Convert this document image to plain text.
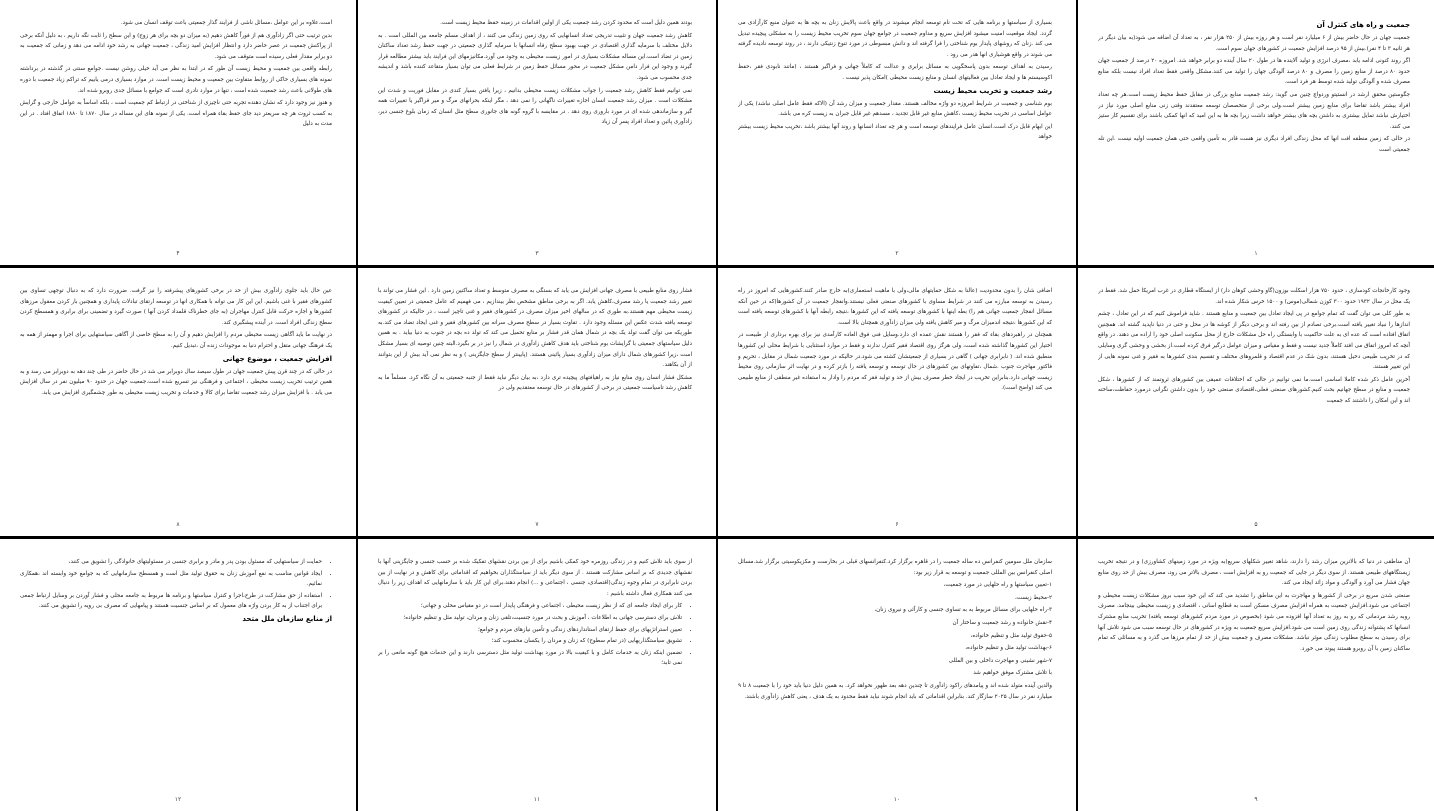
است.علاوه بر این عوامل ،مسائل ناشی از فرایند گذار جمعیتی باعث توقف انسان می شود.

بدین ترتیب حتی اگر زادآوری هم از فوراً کاهش دهیم (به میزان دو بچه برای هر زوج) و این سطح را ثابت نگه داریم ، به دلیل آنکه برخی از پراکنش جمعیت در عصر حاضر دارد و انتظار افزایش امید زندگی ، جمعیت جهانی به رشد خود ادامه می دهد و زمانی که جمعیت به دو برابر مقدار فعلی رسیده است متوقف می شود.

رابطه واقعی بین جمعیت و محیط زیست آن طور که در ابتدا به نظر می آید خیلی روشن نیست .جوامع سنتی در گذشته در برداشته نمونه های بسیاری حاکی از روابط متفاوت بین جمعیت و محیط زیست است. در موارد بسیاری درمی یابیم که تراکم زیاد جمعیت با دوره های طولانی باعث رشد جمعیت شده است ، تنها در موارد نادری است که جوامع با مسائل جدی روبرو شده اند.

و هنوز نیز وجود دارد که نشان دهنده تجربه حتی ناچیزی از شناختی در ارتباط کم جمعیت است ، بلکه اساساً به عوامل خارجی و گرایش به کسب ثروت هر چه سریعتر دید جای حفظ بقاء همراه است. یکی از نمونه های این مساله در سال ۱۸۷۰ تا ۱۸۸۰ اتفاق افتاد . در این مدت به دلیل

۴

بودند همین دلیل است که محدود کردن رشد جمعیت یکی از اولین اقدامات در زمینه حفظ محیط زیست است.

کاهش رشد جمعیت جهان و تثبیت تدریجی تعداد انسانهایی که روی زمین زندگی می کنند ، از اهداف مسلم جامعه بین المللی است . به دلایل مختلف با سرمایه گذاری اقتصادی در جهت بهبود سطح رفاه انسانها با سرمایه گذاری جمعیتی در جهت حفظ رشد تعداد ساکنان زمین در تضاد است.این مساله مشکلات بسیاری در امور زیست محیطی به وجود می آورد.مکانیزمهای این فرایند باید بیشتر مطالعه قرار گیرند و وجود این فرار دامن مشکل جمعیت در محور مسائل حفظ زمین در شرایط فعلی می توان بسیار متقاعد کننده باشد و اندیشه جدی محسوب می شود.

نمی توانیم فقط کاهش رشد جمعیت را جواب مشکلات زیست محیطی بدانیم ، زیرا یافتن بسیار کندی در مقابل فوریت و شدت این مشکلات است . میزان رشد جمعیت انسان اجازه تغییرات ناگهانی را نمی دهد ، مگر اینکه بحرانهای مرگ و میر فراگیر یا تغییرات همه گیر و سازماندهی شده ای در مورد باروری روی دهد . در مقایسه با گروه گونه های جانوری سطح مثل انسان که زمان بلوغ جنسی دیر، زادآوری پائین و تعداد افراد پسر آن زیاد

۳

بسیاری از سیاستها و برنامه هایی که تحت نام توسعه انجام میشوند در واقع باعث پالایش زنان به بچه ها به عنوان منبع کارآزادی می گردد. ایجاد موقعیت امنیت میشود افزایش سریع و مداوم جمعیت در جوامع جهان سوم تخریب محیط زیست را به مشکلی پیچیده تبدیل می کند .زنان که روشهای پایدار بوم شناختی را فرا گرفته اند و دانش مبسوطی در مورد تنوع زنتیکی دارند ، در روند توسعه نادیده گرفته می شوند در واقع هوشیاری انها هدر می رود .

رسیدن به اهداف توسعه بدون پاسخگویی به مسائل برابری و عدالت که کاملاً جهانی و فراگیر هستند ، (مانند نابودی فقر ،حفظ اکوسیستم ها و ایجاد تعادل بین فعالیتهای انسان و منابع زیست محیطی )امکان پذیر نیست .

رشد جمعیت و تخریب محیط زیست

بوم شناسی و جمعیت در شرایط امروزه دو واژه مخالف هستند. مقدار جمعیت و میزان رشد آن (الاکه فقط عامل اصلی نباشد) یکی از عوامل اساسی در تخریب محیط زیست ،کاهش منابع غیر قابل تجدید ، مسدهم غیر قابل جبران به زیست کره می باشد.

این ابهام قابل درک است.انسان عامل فرایندهای توسعه است و هر چه تعداد انسانها و روند آنها بیشتر باشد ،تخریب محیط زیست بیشتر خواهد

۲
جمعیت و راه های کنترل آن

جمعیت جهان در حال حاضر بیش از ۶ میلیارد نفر است و هر روزه بیش از ۲۵۰ هزار نفر ، به تعداد آن اضافه می شود(به بیان دیگر در هر ثانیه ۳ تا ۴ نفر).بیش از ۹۵ درصد افزایش جمعیت در کشورهای جهان سوم است.

اگر روند کنونی ادامه یابد ،مصرف انرژی و تولید آلاینده ها در طول ۲۰ سال آینده دو برابر خواهد شد. امروزه ۲۰ درصد از جمعیت جهان حدود ۸۰ درصد از منابع زمین را مصرف و ۸۰ درصد آلودگی جهان را تولید می کنند.مشکل واقعی فقط تعداد افراد نیست بلکه منابع مصرف شده و آلودگی تولید شده توسط هر فرد است.

جگوستین محقق ارشد در انستیتو وردواچ چنین می گوید: رشد جمعیت منابع بزرگی در مقابل حفظ محیط زیست است.هر چه تعداد افراد بیشتر باشد تقاضا برای منابع زمین بیشتر است.ولی برخی از متخصصان توسعه معتقدند وقتی زنی منابع اصلی مورد نیاز در اختیارش نباشد تمایل بیشتری به داشتن بچه های بیشتر خواهد داشت زیرا بچه ها به این امید که انها کمکی باشند برای تقسیم کار ستیز می کنند.

در حالی که زمین منطقه افت انها که محل زندگی افراد دیگری نیز هست قادر به تأمین واقعی حتی همان جمعیت اولیه نیست .این تله جمعیتی است

۱

عین حال باید جلوی زادآوری بیش از حد در برخی کشورهای پیشرفته را نیز گرفت. ضرورت دارد که به دنبال توجهی تساوی بین کشورهای فقیر با غنی باشیم. این این کار می توانه با همکاری انها در توسعه ارتقای تبادلات پایداری و همچنین بار کردن معقول مرزهای کشورها و اجازه حرکت قابل کنترل مهاجران (به جای خطرناک قلمداد کردن آنها ) صورت گیرد و تضمینی برای برابری و همسطح کردن سطح زندگی افراد است. در آینده پیشگیری کند.

در نهایت ما باید آگاهی زیست محیطی مردم را افزایش دهیم و آن را به سطح خاصی از آگاهی سیاستهایی برای اجرا و مهمتر از همه به یک فرهنگ جهانی متقل و احترام دنیا به موجودات زنده آن ،تبدیل کنیم.

افزایش جمعیت ، موضوع جهانی

در حالی که در چند قرن پیش جمعیت جهان در طول سیصد سال دوبرابر می شد در حال حاضر در طی چند دهه به دوبرابر می رسد و به همین ترتیب تخریب زیست محیطی ، اجتماعی و فرهنگی نیز تسریع شده است.جمعیت جهان در حدود ۹۰ میلیون نفر در سال افزایش می یابد . با افزایش میزان رشد جمعیت تقاضا برای کالا و خدمات و تخریب زیست محیطی به طور چشمگیری افزایش می یابد.

۸

فشار روی منابع طبیعی با مصرف جهانی افزایش می یابد که بستگی به مصرف متوسط و تعداد ساکنین زمین دارد . این فشار می تواند با تغییر رشد جمعیت یا رشد مصرف،کاهش یابد. اگر به برخی مناطق مشخص نظر بیندازیم ، می فهمیم که عامل جمعیتی در تعیین کیفیت زیست محیطی مهم هستند.به طوری که در سالهای اخیر میزان مصرف در کشورهای فقیر و غنی تاچیز است ، در حالیکه در کشورهای توسعه یافته شدت عکس این مسئله وجود دارد . تفاوت بسیار در سطح مصرف سرانه بین کشورهای فقیر و غنی ایجاد تضاد می کند.به طوریکه می توان گفت تولد یک بچه در شمال همان قدر فشار بر منابع تحمیل می کند که تولد ده بچه در جنوب به دنیا بیاید . به همین دلیل سیاستهای جمعیتی با گرایشات بوم شناختی باید هدف کاهش زادآوری در شمال را نیز در بر بگیرد.البته چنین توصیه ای بسیار مشکل است ،زیرا کشورهای شمال دارای میزان زادآوری بسیار پائینی هستند. (پایینتر از سطح جایگزینی ) و به نظر نمی آید بیش از این بتوانند از آن بکاهند.

مشکل فشار انسان روی منابع نیاز به راهیافتهای پیچیده تری دارد ،به بیان دیگر نباید فقط از جنبه جمعیتی به آن نگاه کرد. مسلماً ما به کاهش رشد تاسیاست جمعیتی در برخی از کشورهای در حال توسعه معتقدیم ولی در

۷

اضافی شان را بدون محدودیت (عالنا به شکل حمایتهای مالی،ولی با ماهیت استعماری)به خارج صادر کنند.کشورهایی که امروز در راه رسیدن به توسعه مبارزه می کنند در شرایط مساوی با کشورهای صنعتی فعلی نیستند.وانفجار جمعیت در آن کشورها(که در حین آنکه مسائل انفجار جمعیت جهانی هم را) بطه اینها با کشورهای توسعه یافته که این کشورها ،نتیجه رابطه آنها با کشورهای توسعه یافته است که این کشورها ،نتیجه اندمیزان مرگ و میر کاهش یافته ولی میزان زادآوری همچنان بالا است.

همچنان در راهبردهای بقاء که فقر را هستند نقش عمده ای دارد.وسایل فنی فوق العاده کارآمدی نیز برای بهره برداری از طبیعت در اختیار این کشورها گذاشته شده است، ولی هرگز روی اقتصاد فقیر کنترل ندارند و فقط در موارد استثنایی با شرایط محلی این کشورها منطبق شده اند. ( نابرابری جهانی ) گاهی در بسیاری از جمعیتشان کشته می شود.در حالیکه در مورد جمعیت شمال در مقابل ، تحریم و فاکتور مهاجرت جنوب .شمال ،تفاوتهای بین کشورهای در حال توسعه و توسعه یافته را بازتر کرده و در نهایت اثر سازمانی روی محیط زیست جهانی دارد.بنابراین تخریب در ایجاد خطر مصرف بیش از حد و تولید فقر که مردم را وادار به استفاده غیر منطقی از منابع طبیعی می کند (واضح است).

۶

وجود کارخانجات کودسازی ، حدود ۷۵۰ هزار اسکلت بوزون(گاو وحشی کوهان دار) از ایستگاه قطاری در غرب امریکا حمل شد. فقط در یک محل در سال ۱۹۳۲ حدود ۳۰۰ کوزن شمالی(موس) و ۱۵۰۰ خرس شکار شده اند.

به طور کلی می توان گفت که تمام جوامع در پی ایجاد تعادل بین جمعیت و منابع هستند . شاید فراموش کنیم که در این تعادل ، چشم اندازها را نبیاد تغییر یافته است.برخی تصادم از بین رفته اند و برخی دیگر از کوشه ها در محل و حتی در دنیا ناپدید گشته اند. همچنین اتفاق افتاده است که عده ای به علت حاکمیت با وابستگی راه حل مشکلات خارج از محل سکونت اصلی خود را اراده می دهند. در واقع آنچه که امروز اتفاق می افتد کاملاً جدید نیست و فقط و مقیاس و میزان عوامل درگیر فرق کرده است.از بخشی و وحشی گری وسایلی که در تخریب طبیعی دخیل هستند، بدون شک در عدم اقتصاد و قلمروهای مختلف و تقسیم بندی کشورها به فقیر و غنی نمونه هایی از این تغییر هستند.

آخرین عامل ذکر شده کاملا اساسی است.ما نمی توانیم در حالی که اختلافات عمیقی بین کشورهای ثروتمند که از کشورها ، شکل جمعیت و منابع در سطح جهانیم بحث کنیم.کشورهای صنعتی فعلی،اقتصادی صنعتی خود را بدون داشتن نگرانی درمورد حفاظت،ساخته اند و این امکان را داشتند که جمعیت

۵
• حمایت از سیاستهایی که مسئول بودن پدر و مادر و برابری جنسی در مسئولیتهای خانوادگی را تشویق می کنند،
• ایجاد قوانین مناسب به نفع آموزش زنان به حقوق تولید مثل است و همسطح سازمانهایی که به جوامع خود وابسته اند ،همکاری نمائیم.
• استفاده از حق مشارکت در طرح،اجرا و کنترل سیاستها و برنامه ها مربوط به جامعه محلی و فشار آوردن بر وسایل ارتباط جمعی برای اجتناب از به کار بردن واژه های معمول که بر اساس جنسیت هستند و پیامهایی که مصرف بی رویه را تشویق می کنند.
از منابع سازمان ملل متحد
۱۲

از سوی باید تلاش کنیم و در زندگی روزمره خود کمکی باشیم برای از بین بردن نقشهای تفکیک شده بر حسب جنسی و جایگزینی آنها با نقشهای جدیدی که بر اساس مشارکت هستند . از سوی دیگر باید از سیاستگذاران بخواهیم که اقداماتی برای کاهش و در نهایت از بین بردن نابرابری در تمام وجوه زندگی(اقتصادی، جنسی ، اجتماعی و ...) انجام دهند.برای این کار باید با سازمانهایی که اهداف زیر را دنبال می کنند همکاری فعال داشته باشیم :

• کار برای ایجاد جامعه ای که از نظر زیست محیطی ، اجتماعی و فرهنگی پایدار است در دو مقیاس محلی و جهانی؛
• تلاش برای دسترسی جهانی به اطلاعات ، آموزش و بحث در مورد جنسیت،تلقی زنان و مردان، تولید مثل و تنظیم خانواده؛
• تعیین استراتژیهای برای حفظ ارتقای استانداردهای زندگی و تأمین نیازهای مردم و جوامع؛
• تشویق سیاستگذاریهایی (در تمام سطوح) که زنان و مردان را یکسان محسوب کند؛
• تضمین اینکه زنان به خدمات کامل و با کیفیت بالا در مورد بهداشت تولید مثل دسترسی دارند و این خدمات هیچ گونه مانعی را بر نمی تابد؛
۱۱

سازمان ملل سومین کنفرانس ده ساله جمعیت را در قاهره برگزار کرد.کنفرانسهای قبلی در بخارست و مکزیکوسیتی برگزار شد.مسائل اصلی کنفرانس بین المللی جمعیت و توسعه به قرار زیر بود:

۱-تعیین سیاستها و راه حلهایی در مورد جمعیت،

۲-محیط زیست،

۳-راه حلهایی برای مسائل مربوط به به تساوی جنسی و کارآئی و نیروی زنان،

۴-نقش خانواده و رشد جمعیت و ساختار آن

۵-حقوق تولید مثل و تنظیم خانواده،

۶-بهداشت تولید مثل و تنظیم خانواده،

۷-شهر نشینی و مهاجرت داخلی و بین المللی

با تلاش مشترک موفق خواهیم شد

والدین آینده متولد شده اند و پیامدهای راکود زادآوری تا چندین دهه بعد ظهور نخواهد کرد. به همین دلیل دنیا باید خود را با جمعیت ۸ تا ۹ میلیارد نفر در سال ۲۰۲۵ سازگار کند. بنابراین اقداماتی که باید انجام شوند نباید فقط محدود به یک هدف ، یعنی کاهش زادآوری باشند.

۱۰

آن مناطقی در دنیا که بالاترین میزان رشد را دارند، شاهد تغییر شکلهای سریع(به ویژه در مورد زمینهای کشاورزی) و در نتیجه تخریب زیستگاههای طبیعی هستند. از سوی دیگر در جایی که جمعیت رو به افزایش است ، مصرف بالاتر می رود، مصرف بیش از حد روی منابع جهان فشار می آورد و آلودگی و مواد زائد ایجاد می کند.

صنعتی شدن سریع در برخی از کشورها و مهاجرت به این مناطق را تشدید می کند که این خود سبب بروز مشکلات زیست محیطی و اجتماعی می شود.افزایش جمعیت به همراه افزایش مصرف مسکن است به قطایع اسانی ، اقتصادی و زیست محیطی بینجامد. مصرف روبه رشد مردمانی که رو به روز به تعداد آنها افزوده می شود (بخصوص در مورد مردم کشورهای توسعه یافته) تخریب منابع مشترک انسانها که پشتوانه زندگی روی زمین است می شود.افزایش سریع جمعیت به ویژه در کشورهای در حال توسعه سبب می شود تلاش آنها برای رسیدن به سطح مطلوب زندگی موثر نباشد. مشکلات مصرف و جمعیت بیش از حد از تمام مرزها می گذرد و به مسائلی که تمام ساکنان زمین با آن روبرو هستند پیوند می خورد.

۹
